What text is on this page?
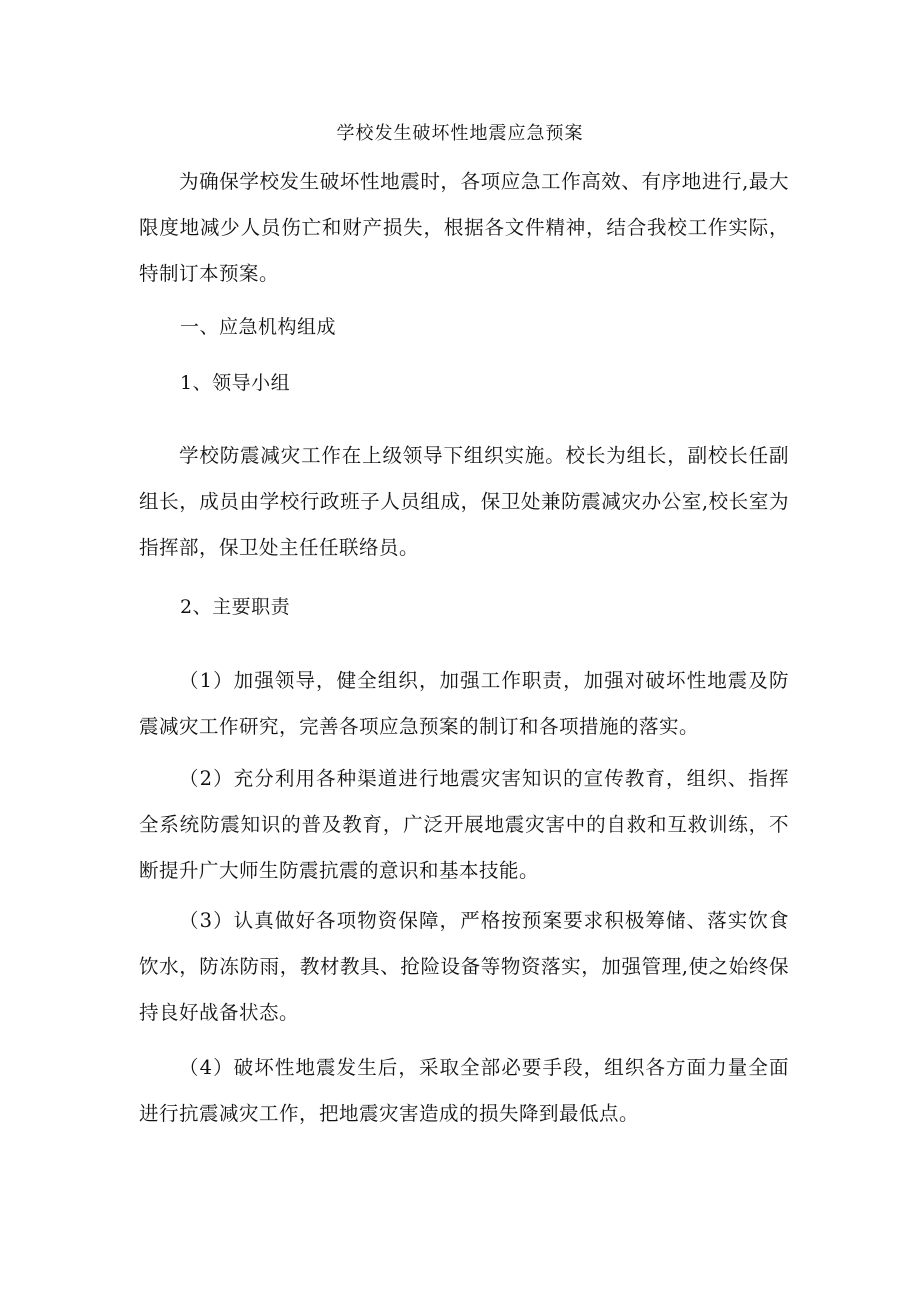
学校发生破坏性地震应急预案

为确保学校发生破坏性地震时，各项应急工作高效、有序地进行,最大限度地减少人员伤亡和财产损失，根据各文件精神，结合我校工作实际，特制订本预案。

一、应急机构组成
1、领导小组

学校防震减灾工作在上级领导下组织实施。校长为组长，副校长任副组长，成员由学校行政班子人员组成，保卫处兼防震减灾办公室,校长室为指挥部，保卫处主任任联络员。

2、主要职责

（1）加强领导，健全组织，加强工作职责，加强对破坏性地震及防震减灾工作研究，完善各项应急预案的制订和各项措施的落实。

（2）充分利用各种渠道进行地震灾害知识的宣传教育，组织、指挥全系统防震知识的普及教育，广泛开展地震灾害中的自救和互救训练，不断提升广大师生防震抗震的意识和基本技能。

（3）认真做好各项物资保障，严格按预案要求积极筹储、落实饮食饮水，防冻防雨，教材教具、抢险设备等物资落实，加强管理,使之始终保持良好战备状态。

（4）破坏性地震发生后，采取全部必要手段，组织各方面力量全面进行抗震减灾工作，把地震灾害造成的损失降到最低点。
